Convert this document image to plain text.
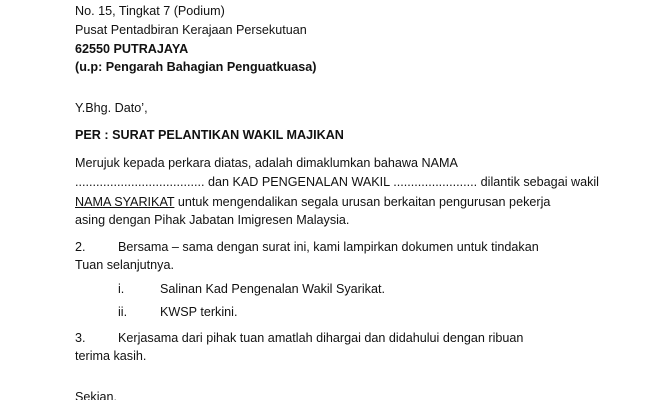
No. 15, Tingkat 7 (Podium)
Pusat Pentadbiran Kerajaan Persekutuan
62550 PUTRAJAYA
(u.p: Pengarah Bahagian Penguatkuasa)
Y.Bhg. Dato’,
PER : SURAT PELANTIKAN WAKIL MAJIKAN
Merujuk kepada perkara diatas, adalah dimaklumkan bahawa NAMA
..................................... dan KAD PENGENALAN WAKIL ........................ dilantik sebagai wakil
NAMA SYARIKAT untuk mengendalikan segala urusan berkaitan pengurusan pekerja
asing dengan Pihak Jabatan Imigresen Malaysia.
2.	Bersama – sama dengan surat ini, kami lampirkan dokumen untuk tindakan
Tuan selanjutnya.
i.	Salinan Kad Pengenalan Wakil Syarikat.
ii.	KWSP terkini.
3.	Kerjasama dari pihak tuan amatlah dihargai dan didahului dengan ribuan
terima kasih.
Sekian.
